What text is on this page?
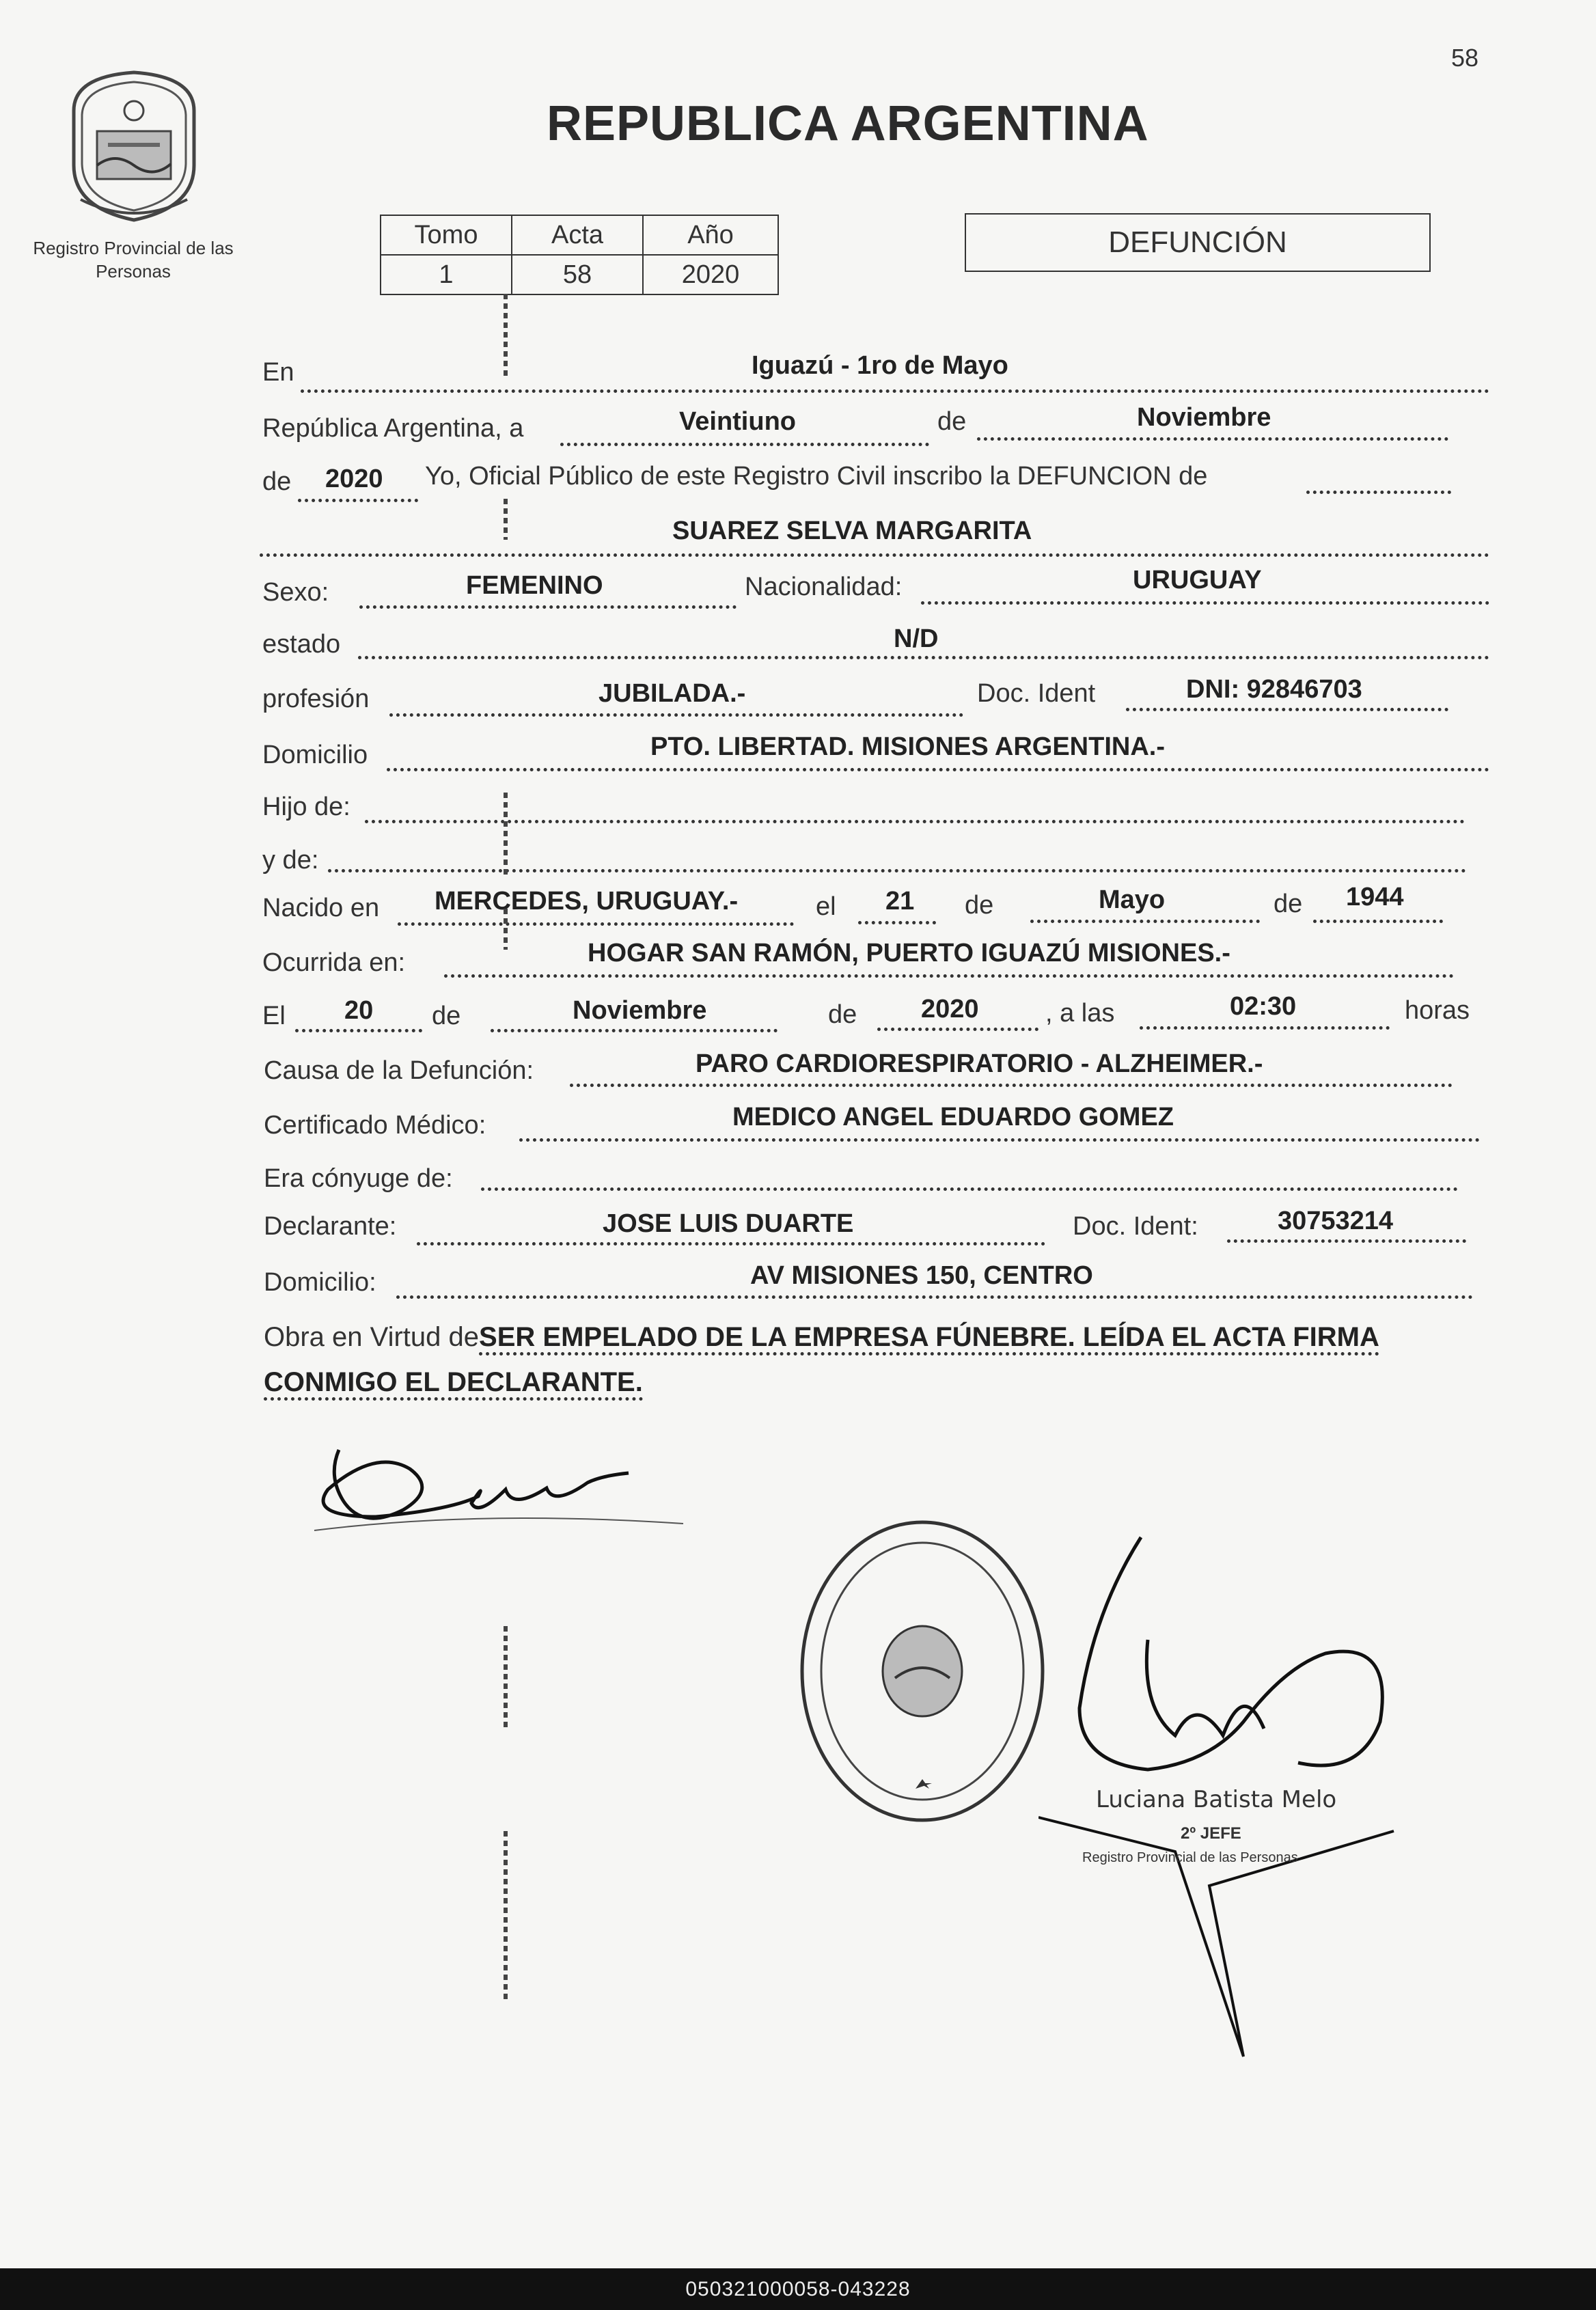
58
Registro Provincial de las Personas
REPUBLICA ARGENTINA
Tomo	Acta	Año
1	58	2020
DEFUNCIÓN
En	Iguazú - 1ro de Mayo
República Argentina, a	Veintiuno	de	Noviembre
de 2020 Yo, Oficial Público de este Registro Civil inscribo la DEFUNCION de
SUAREZ SELVA MARGARITA
Sexo:	FEMENINO	Nacionalidad:	URUGUAY
estado	N/D
profesión	JUBILADA.-	Doc. Ident	DNI: 92846703
Domicilio	PTO. LIBERTAD. MISIONES ARGENTINA.-
Hijo de:
y de:
Nacido en MERCEDES, URUGUAY.-	el 21 de	Mayo	de 1944
Ocurrida en:	HOGAR SAN RAMÓN, PUERTO IGUAZÚ MISIONES.-
El 20 de	Noviembre	de 2020	, a las	02:30	horas
Causa de la Defunción:	PARO CARDIORESPIRATORIO - ALZHEIMER.-
Certificado Médico:	MEDICO ANGEL EDUARDO GOMEZ
Era cónyuge de:
Declarante:	JOSE LUIS DUARTE	Doc. Ident:	30753214
Domicilio:	AV MISIONES 150, CENTRO
Obra en Virtud deSER EMPELADO DE LA EMPRESA FÚNEBRE. LEÍDA EL ACTA FIRMA CONMIGO EL DECLARANTE.
Luciana Batista Melo
2º JEFE
Registro Provincial de las Personas
050321000058-043228
